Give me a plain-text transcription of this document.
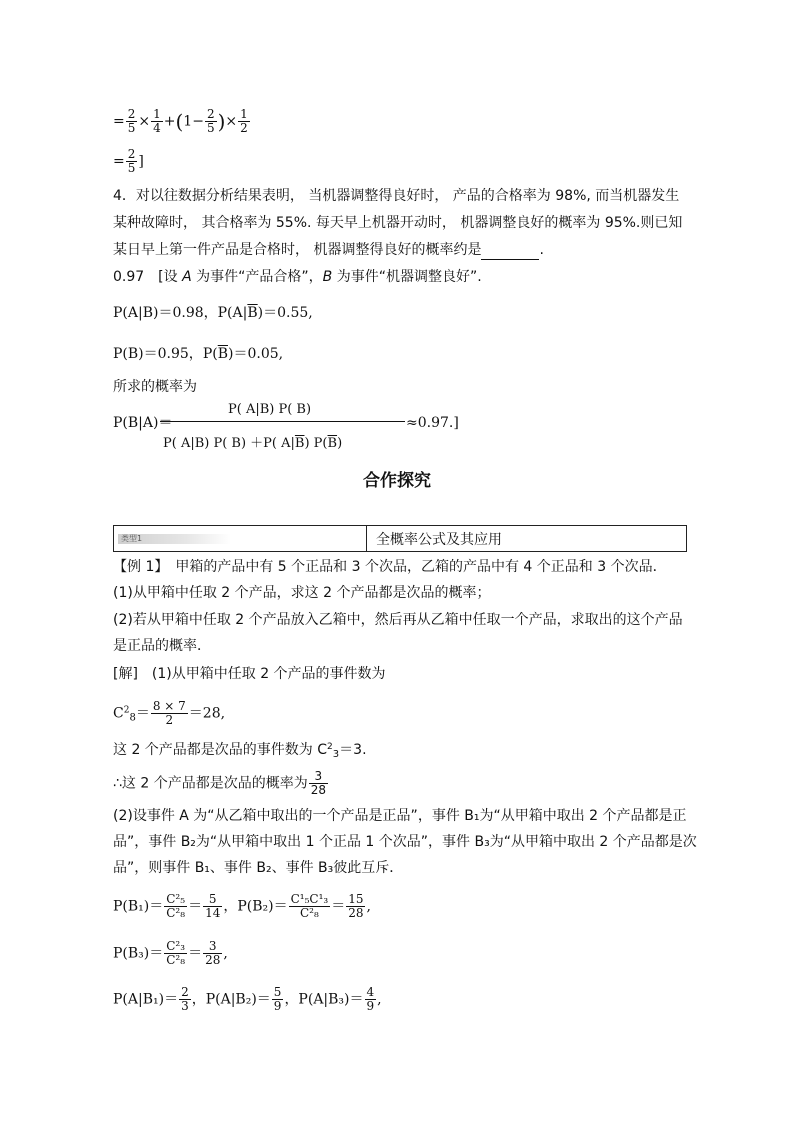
= $\frac{2}{5} \times \frac{1}{4} +(1- \frac{2}{5}$ )× $\frac{1}{2}$
= $\frac{2}{5}$ ]
4．对以往数据分析结果表明， 当机器调整得良好时， 产品的合格率为 98%, 而当机器发生
某种故障时， 其合格率为 55%. 每天早上机器开动时， 机器调整良好的概率为 95%.则已知
某日早上第一件产品是合格时， 机器调整得良好的概率约是	.
0.97　[设 A 为事件“产品合格”，B 为事件“机器调整良好”.
P(A|B)＝0.98，$P(A|\overline{B})=0.55$,
P(B)＝0.95，$P(\overline{B})=0.05$,
所求的概率为
P(B|A)＝
P( A|B) P( B)
P( A|B) P( B) ＋P( $A|\overline{B}$) $P(\overline{B})$
≈0.97.]
合作探究
类型1	全概率公式及其应用
【例 1】　甲箱的产品中有 5 个正品和 3 个次品，乙箱的产品中有 4 个正品和 3 个次品．
(1)从甲箱中任取 2 个产品，求这 2 个产品都是次品的概率；
(2)若从甲箱中任取 2 个产品放入乙箱中，然后再从乙箱中任取一个产品，求取出的这个产品
是正品的概率．
[解]　(1)从甲箱中任取 2 个产品的事件数为
$C^2_8= \frac{8 \times 7}{2} =28$,
这 2 个产品都是次品的事件数为 $C^2_3=3$.
∴这 2 个产品都是次品的概率为 $\frac{3}{28}$
(2)设事件 A 为“从乙箱中取出的一个产品是正品”，事件 B₁为“从甲箱中取出 2 个产品都是正
品”，事件 B₂为“从甲箱中取出 1 个正品 1 个次品”，事件 B₃为“从甲箱中取出 2 个产品都是次
品”，则事件 B₁、事件 B₂、事件 B₃彼此互斥．
$P(B_1)= \frac{\text{C²₅}}{\text{C²₈}} = \frac{5}{14}$ ，$P(B_2)= \frac{\text{C¹₅C¹₃}}{\text{C²₈}} = \frac{15}{28}$ ,
$P(B_3)= \frac{\text{C²₃}}{\text{C²₈}} = \frac{3}{28}$ ,
$P(A|B_1)= \frac{2}{3}$ ，$P(A|B_2)= \frac{5}{9}$ ，$P(A|B_3)= \frac{4}{9}$ ,
